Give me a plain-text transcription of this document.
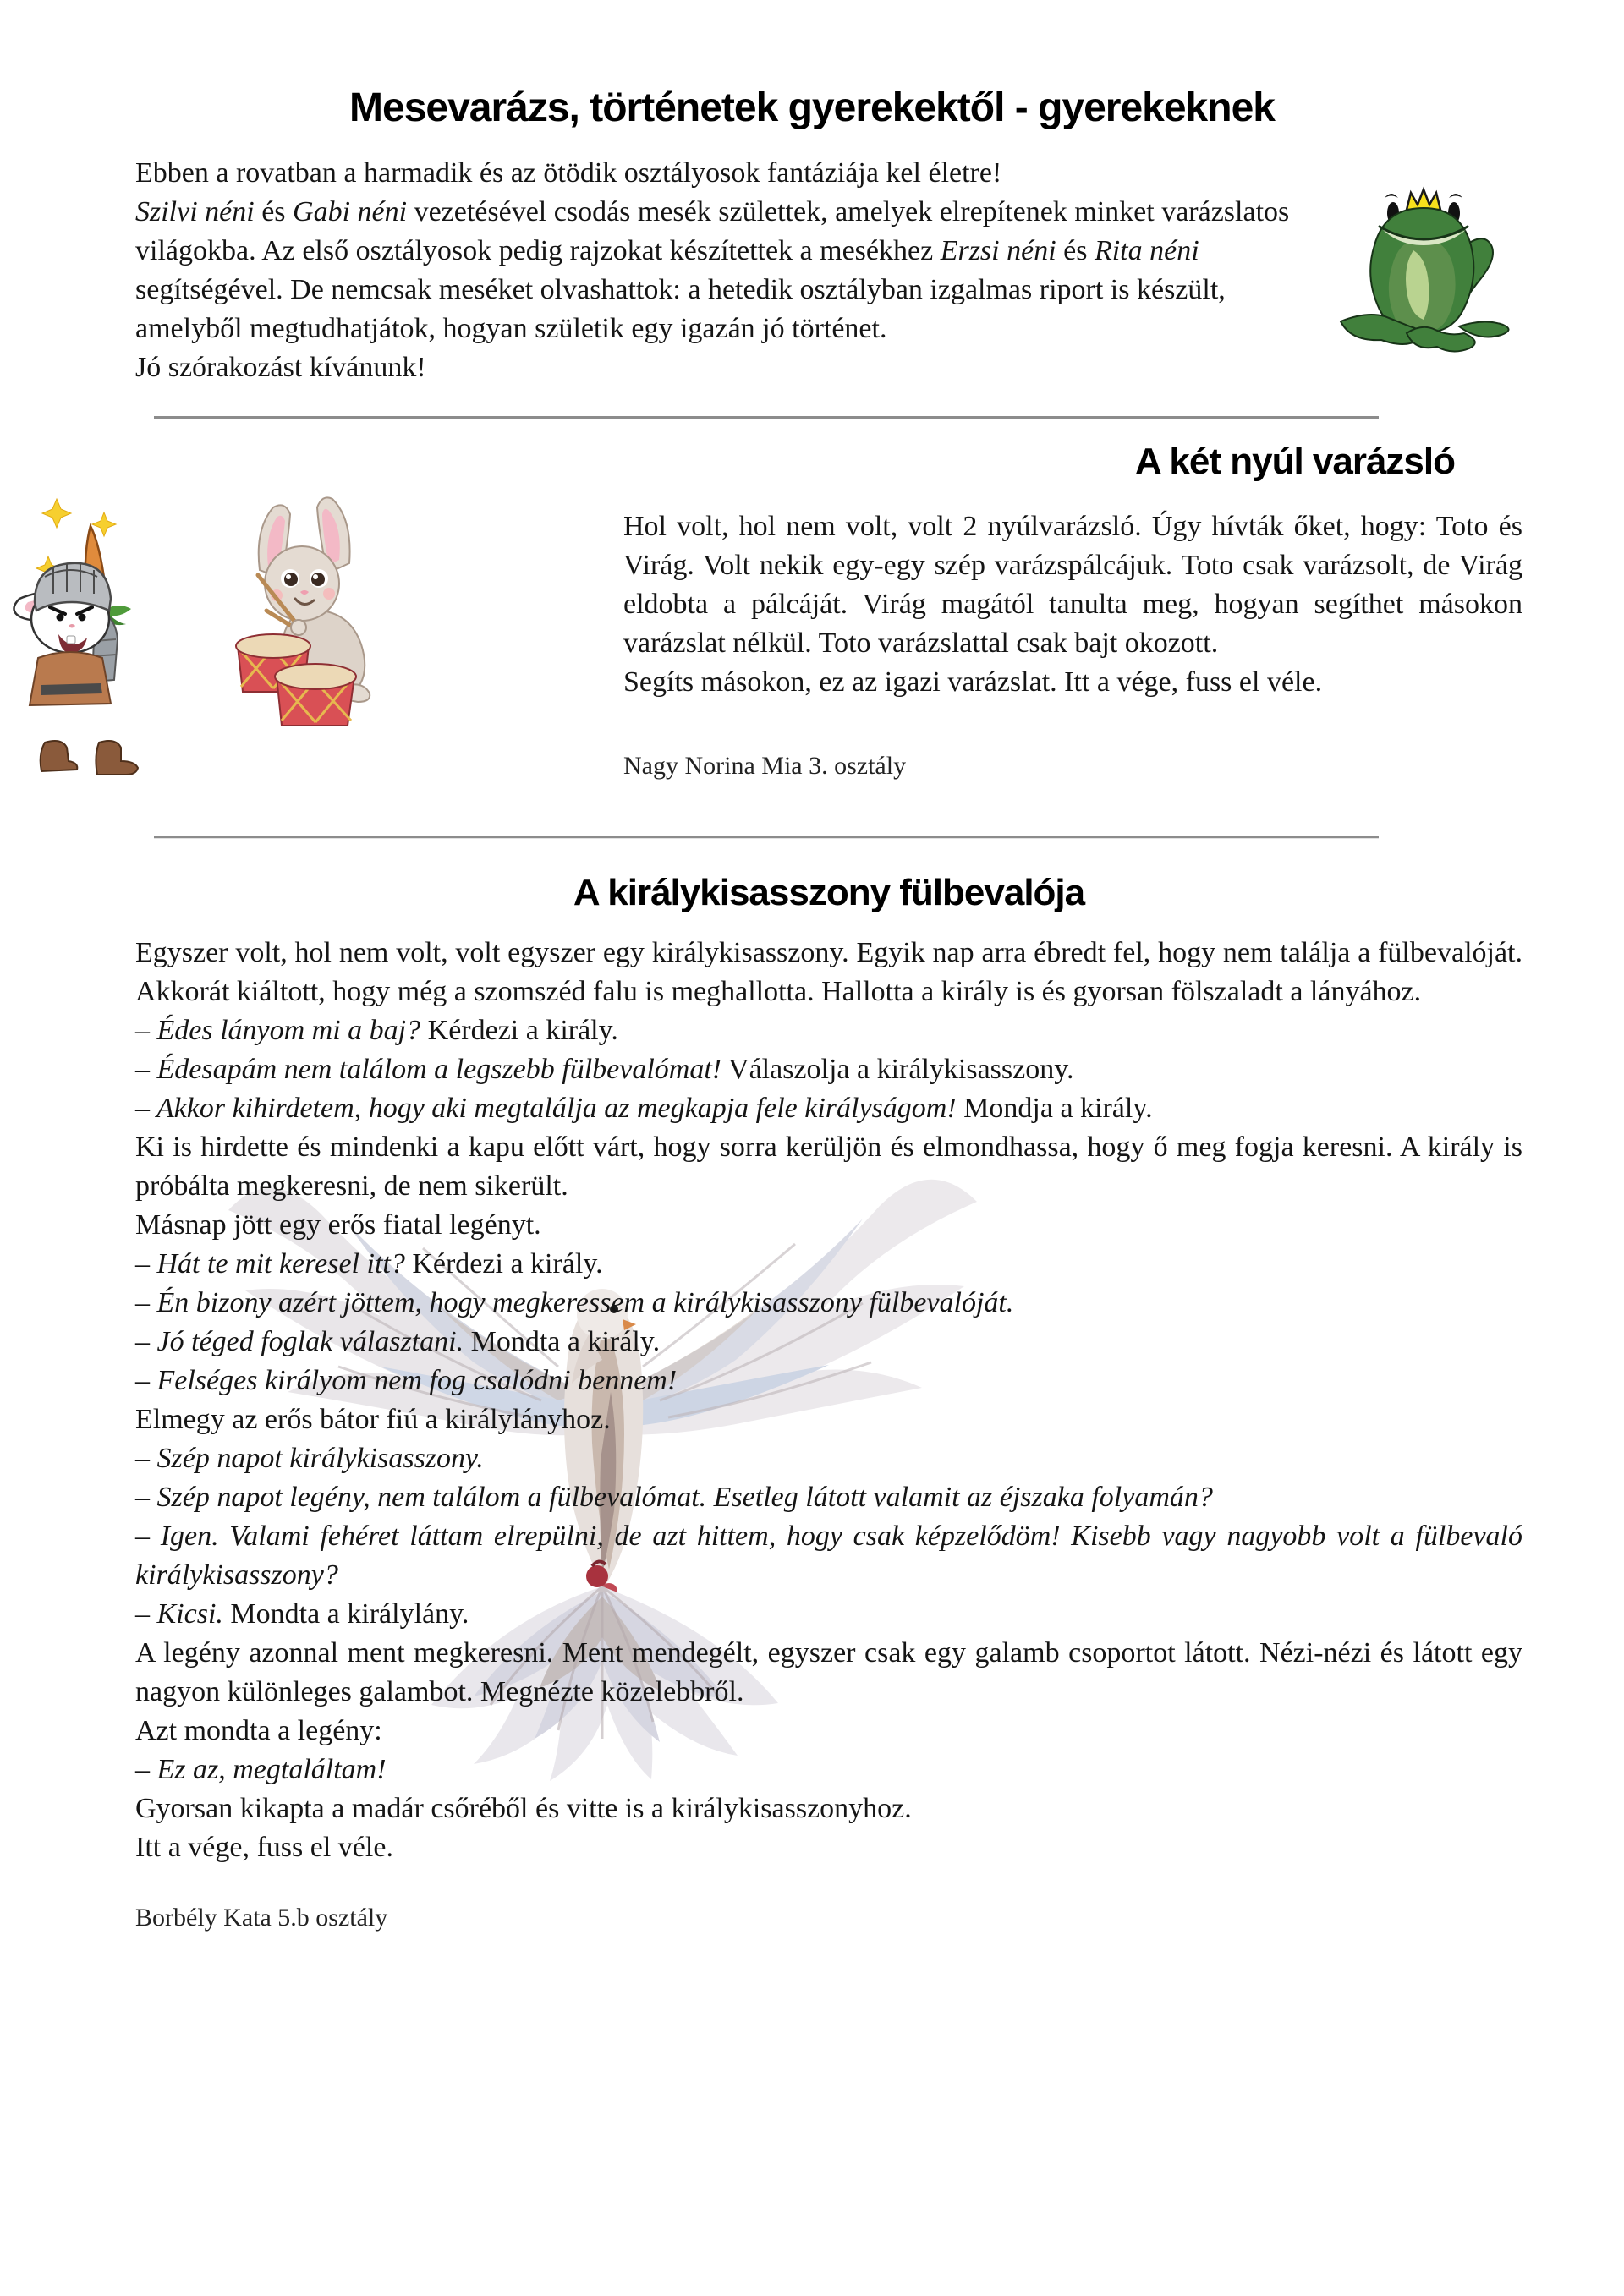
Mesevarázs, történetek gyerekektől - gyerekeknek

Ebben a rovatban a harmadik és az ötödik osztályosok fantáziája kel életre!

Szilvi néni és Gabi néni vezetésével csodás mesék születtek, amelyek elrepítenek minket varázslatos világokba. Az első osztályosok pedig rajzokat készítettek a mesékhez Erzsi néni és Rita néni segítségével. De nemcsak meséket olvashattok: a hetedik osztályban izgalmas riport is készült, amelyből megtudhatjátok, hogyan születik egy igazán jó történet.

Jó szórakozást kívánunk!

A két nyúl varázsló

Hol volt, hol nem volt, volt 2 nyúlvarázsló. Úgy hívták őket, hogy: Toto és Virág. Volt nekik egy-egy szép varázspálcájuk. Toto csak varázsolt, de Virág eldobta a pálcáját. Virág magától tanulta meg, hogyan segíthet másokon varázslat nélkül. Toto varázslattal csak bajt okozott.

Segíts másokon, ez az igazi varázslat. Itt a vége, fuss el véle.

Nagy Norina Mia 3. osztály
A királykisasszony fülbevalója

Egyszer volt, hol nem volt, volt egyszer egy királykisasszony. Egyik nap arra ébredt fel, hogy nem találja a fülbevalóját. Akkorát kiáltott, hogy még a szomszéd falu is meghallotta. Hallotta a király is és gyorsan fölszaladt a lányához.

– Édes lányom mi a baj? Kérdezi a király.

– Édesapám nem találom a legszebb fülbevalómat! Válaszolja a királykisasszony.

– Akkor kihirdetem, hogy aki megtalálja az megkapja fele királyságom! Mondja a király.

Ki is hirdette és mindenki a kapu előtt várt, hogy sorra kerüljön és elmondhassa, hogy ő meg fogja keresni. A király is próbálta megkeresni, de nem sikerült.

Másnap jött egy erős fiatal legényt.

– Hát te mit keresel itt? Kérdezi a király.

– Én bizony azért jöttem, hogy megkeressem a királykisasszony fülbevalóját.

– Jó téged foglak választani. Mondta a király.

– Felséges királyom nem fog csalódni bennem!

Elmegy az erős bátor fiú a királylányhoz.

– Szép napot királykisasszony.

– Szép napot legény, nem találom a fülbevalómat. Esetleg látott valamit az éjszaka folyamán?

– Igen. Valami fehéret láttam elrepülni, de azt hittem, hogy csak képzelődöm! Kisebb vagy nagyobb volt a fülbevaló királykisasszony?

– Kicsi. Mondta a királylány.

A legény azonnal ment megkeresni. Ment mendegélt, egyszer csak egy galamb csoportot látott. Nézi-nézi és látott egy nagyon különleges galambot. Megnézte közelebbről.

Azt mondta a legény:

– Ez az, megtaláltam!

Gyorsan kikapta a madár csőréből és vitte is a királykisasszonyhoz.

Itt a vége, fuss el véle.

Borbély Kata 5.b osztály
